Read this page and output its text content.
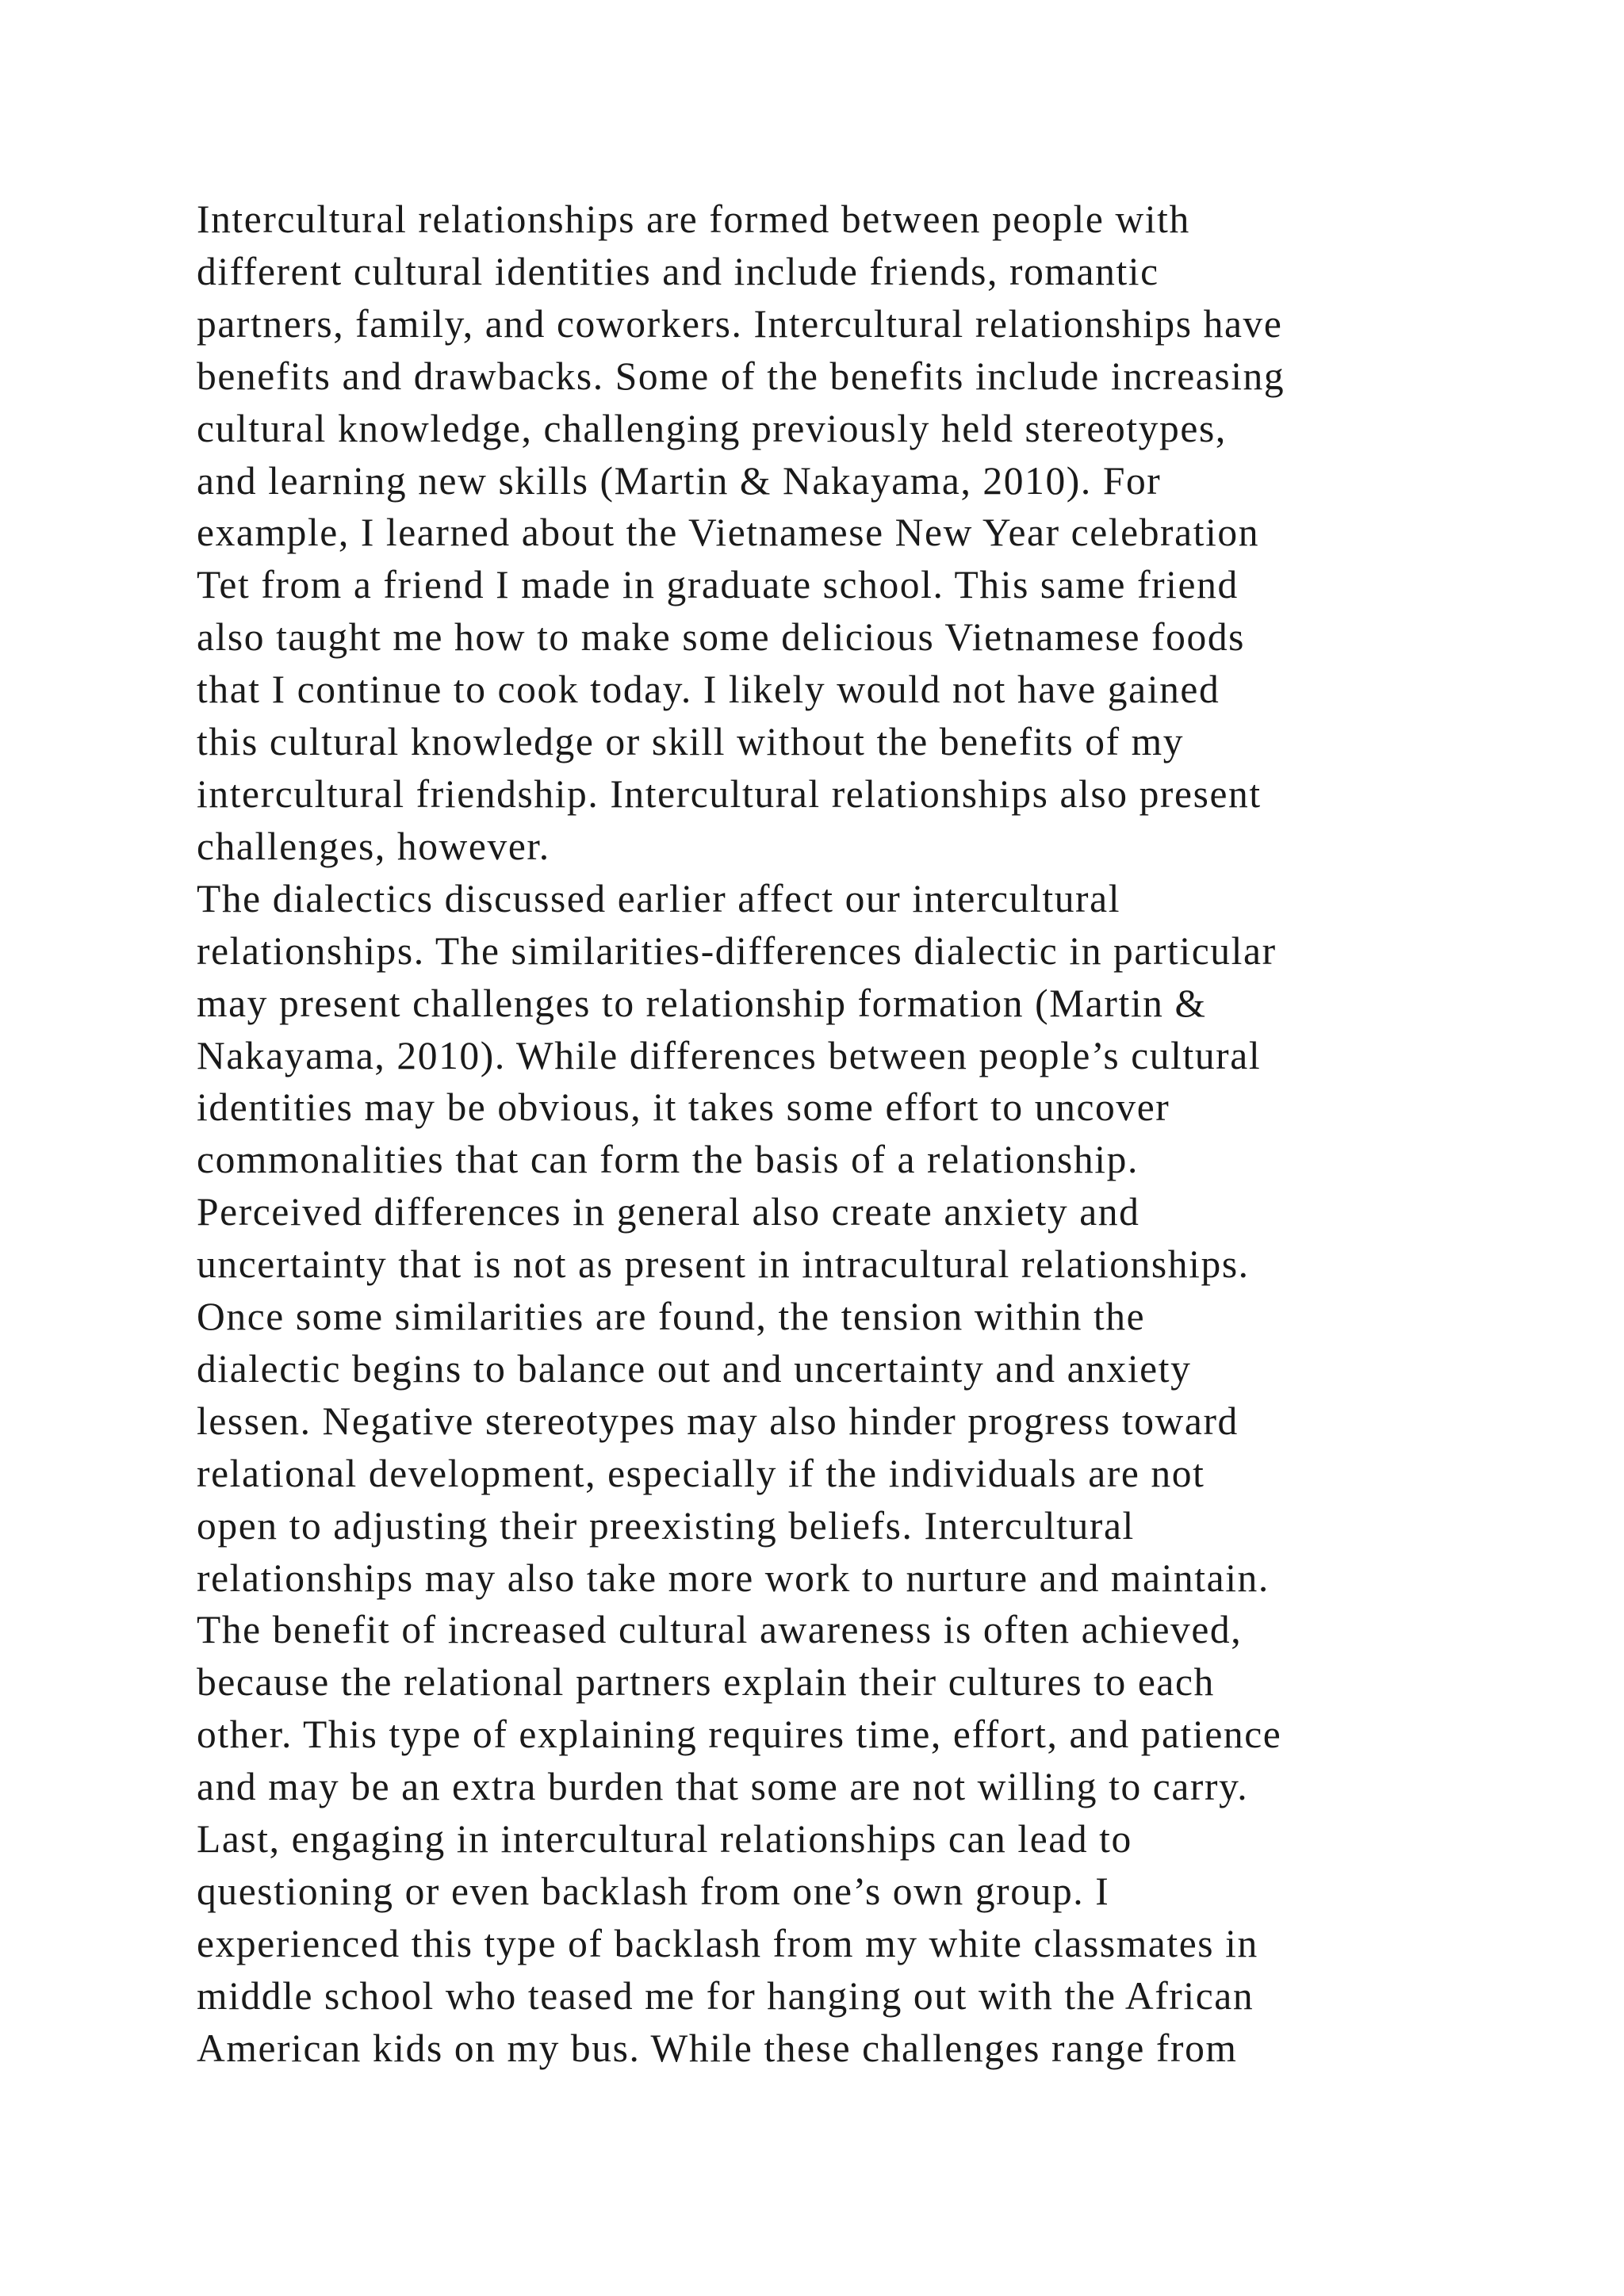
Intercultural relationships are formed between people with
different cultural identities and include friends, romantic
partners, family, and coworkers. Intercultural relationships have
benefits and drawbacks. Some of the benefits include increasing
cultural knowledge, challenging previously held stereotypes,
and learning new skills (Martin & Nakayama, 2010). For
example, I learned about the Vietnamese New Year celebration
Tet from a friend I made in graduate school. This same friend
also taught me how to make some delicious Vietnamese foods
that I continue to cook today. I likely would not have gained
this cultural knowledge or skill without the benefits of my
intercultural friendship. Intercultural relationships also present
challenges, however.
The dialectics discussed earlier affect our intercultural
relationships. The similarities-differences dialectic in particular
may present challenges to relationship formation (Martin &
Nakayama, 2010). While differences between people’s cultural
identities may be obvious, it takes some effort to uncover
commonalities that can form the basis of a relationship.
Perceived differences in general also create anxiety and
uncertainty that is not as present in intracultural relationships.
Once some similarities are found, the tension within the
dialectic begins to balance out and uncertainty and anxiety
lessen. Negative stereotypes may also hinder progress toward
relational development, especially if the individuals are not
open to adjusting their preexisting beliefs. Intercultural
relationships may also take more work to nurture and maintain.
The benefit of increased cultural awareness is often achieved,
because the relational partners explain their cultures to each
other. This type of explaining requires time, effort, and patience
and may be an extra burden that some are not willing to carry.
Last, engaging in intercultural relationships can lead to
questioning or even backlash from one’s own group. I
experienced this type of backlash from my white classmates in
middle school who teased me for hanging out with the African
American kids on my bus. While these challenges range from
